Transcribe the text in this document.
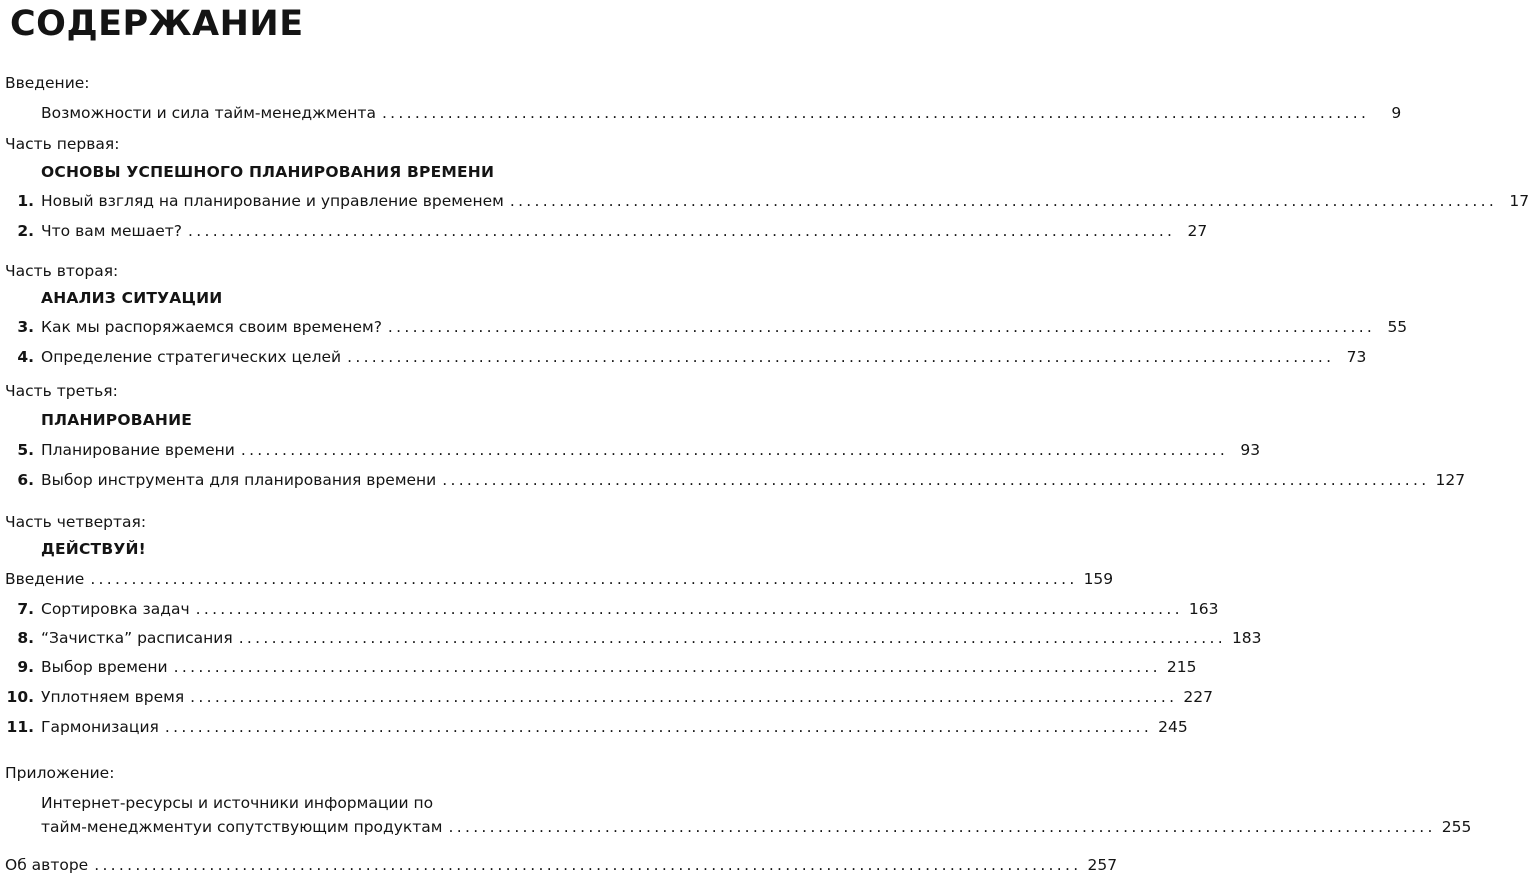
СОДЕРЖАНИЕ
Введение:
Возможности и сила тайм-менеджмента ........................................................................................................................	9
Часть первая:
ОСНОВЫ УСПЕШНОГО ПЛАНИРОВАНИЯ ВРЕМЕНИ
1. Новый взгляд на планирование и управление временем ........................................................................................................................ 17
2. Что вам мешает? ........................................................................................................................ 27
Часть вторая:
АНАЛИЗ СИТУАЦИИ
3. Как мы распоряжаемся своим временем? ........................................................................................................................ 55
4. Определение стратегических целей ........................................................................................................................ 73
Часть третья:
ПЛАНИРОВАНИЕ
5. Планирование времени ........................................................................................................................ 93
6. Выбор инструмента для планирования времени ........................................................................................................................ 127
Часть четвертая:
ДЕЙСТВУЙ!
Введение ........................................................................................................................ 159
7. Сортировка задач ........................................................................................................................ 163
8. “Зачистка” расписания ........................................................................................................................ 183
9. Выбор времени ........................................................................................................................ 215
10. Уплотняем время ........................................................................................................................ 227
11. Гармонизация ........................................................................................................................ 245
Приложение:
Интернет-ресурсы и источники информации по
тайм-менеджментуи сопутствующим продуктам ........................................................................................................................ 255
Об авторе ........................................................................................................................ 257
